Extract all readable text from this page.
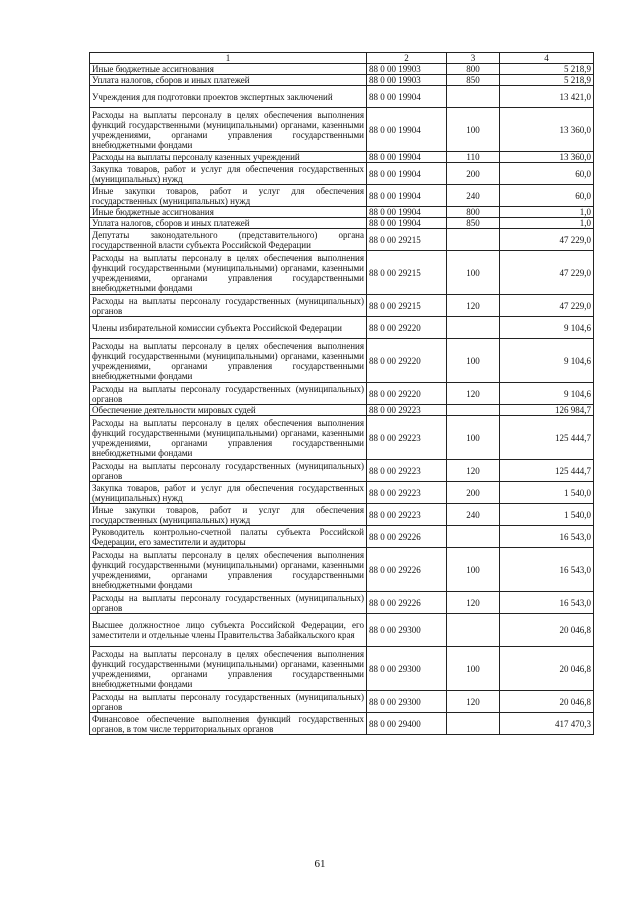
1	2	3	4
Иные бюджетные ассигнования	88 0 00 19903	800	5 218,9
Уплата налогов, сборов и иных платежей	88 0 00 19903	850	5 218,9
Учреждения для подготовки проектов экспертных заключений	88 0 00 19904		13 421,0
Расходы на выплаты персоналу в целях обеспечения выполнения функций государственными (муниципальными) органами, казенными учреждениями, органами управления государственными внебюджетными фондами	88 0 00 19904	100	13 360,0
Расходы на выплаты персоналу казенных учреждений	88 0 00 19904	110	13 360,0
Закупка товаров, работ и услуг для обеспечения государственных (муниципальных) нужд	88 0 00 19904	200	60,0
Иные закупки товаров, работ и услуг для обеспечения государственных (муниципальных) нужд	88 0 00 19904	240	60,0
Иные бюджетные ассигнования	88 0 00 19904	800	1,0
Уплата налогов, сборов и иных платежей	88 0 00 19904	850	1,0
Депутаты законодательного (представительного) органа государственной власти субъекта Российской Федерации	88 0 00 29215		47 229,0
Расходы на выплаты персоналу в целях обеспечения выполнения функций государственными (муниципальными) органами, казенными учреждениями, органами управления государственными внебюджетными фондами	88 0 00 29215	100	47 229,0
Расходы на выплаты персоналу государственных (муниципальных) органов	88 0 00 29215	120	47 229,0
Члены избирательной комиссии субъекта Российской Федерации	88 0 00 29220		9 104,6
Расходы на выплаты персоналу в целях обеспечения выполнения функций государственными (муниципальными) органами, казенными учреждениями, органами управления государственными внебюджетными фондами	88 0 00 29220	100	9 104,6
Расходы на выплаты персоналу государственных (муниципальных) органов	88 0 00 29220	120	9 104,6
Обеспечение деятельности мировых судей	88 0 00 29223		126 984,7
Расходы на выплаты персоналу в целях обеспечения выполнения функций государственными (муниципальными) органами, казенными учреждениями, органами управления государственными внебюджетными фондами	88 0 00 29223	100	125 444,7
Расходы на выплаты персоналу государственных (муниципальных) органов	88 0 00 29223	120	125 444,7
Закупка товаров, работ и услуг для обеспечения государственных (муниципальных) нужд	88 0 00 29223	200	1 540,0
Иные закупки товаров, работ и услуг для обеспечения государственных (муниципальных) нужд	88 0 00 29223	240	1 540,0
Руководитель контрольно-счетной палаты субъекта Российской Федерации, его заместители и аудиторы	88 0 00 29226		16 543,0
Расходы на выплаты персоналу в целях обеспечения выполнения функций государственными (муниципальными) органами, казенными учреждениями, органами управления государственными внебюджетными фондами	88 0 00 29226	100	16 543,0
Расходы на выплаты персоналу государственных (муниципальных) органов	88 0 00 29226	120	16 543,0
Высшее должностное лицо субъекта Российской Федерации, его заместители и отдельные члены Правительства Забайкальского края	88 0 00 29300		20 046,8
Расходы на выплаты персоналу в целях обеспечения выполнения функций государственными (муниципальными) органами, казенными учреждениями, органами управления государственными внебюджетными фондами	88 0 00 29300	100	20 046,8
Расходы на выплаты персоналу государственных (муниципальных) органов	88 0 00 29300	120	20 046,8
Финансовое обеспечение выполнения функций государственных органов, в том числе территориальных органов	88 0 00 29400		417 470,3
61
